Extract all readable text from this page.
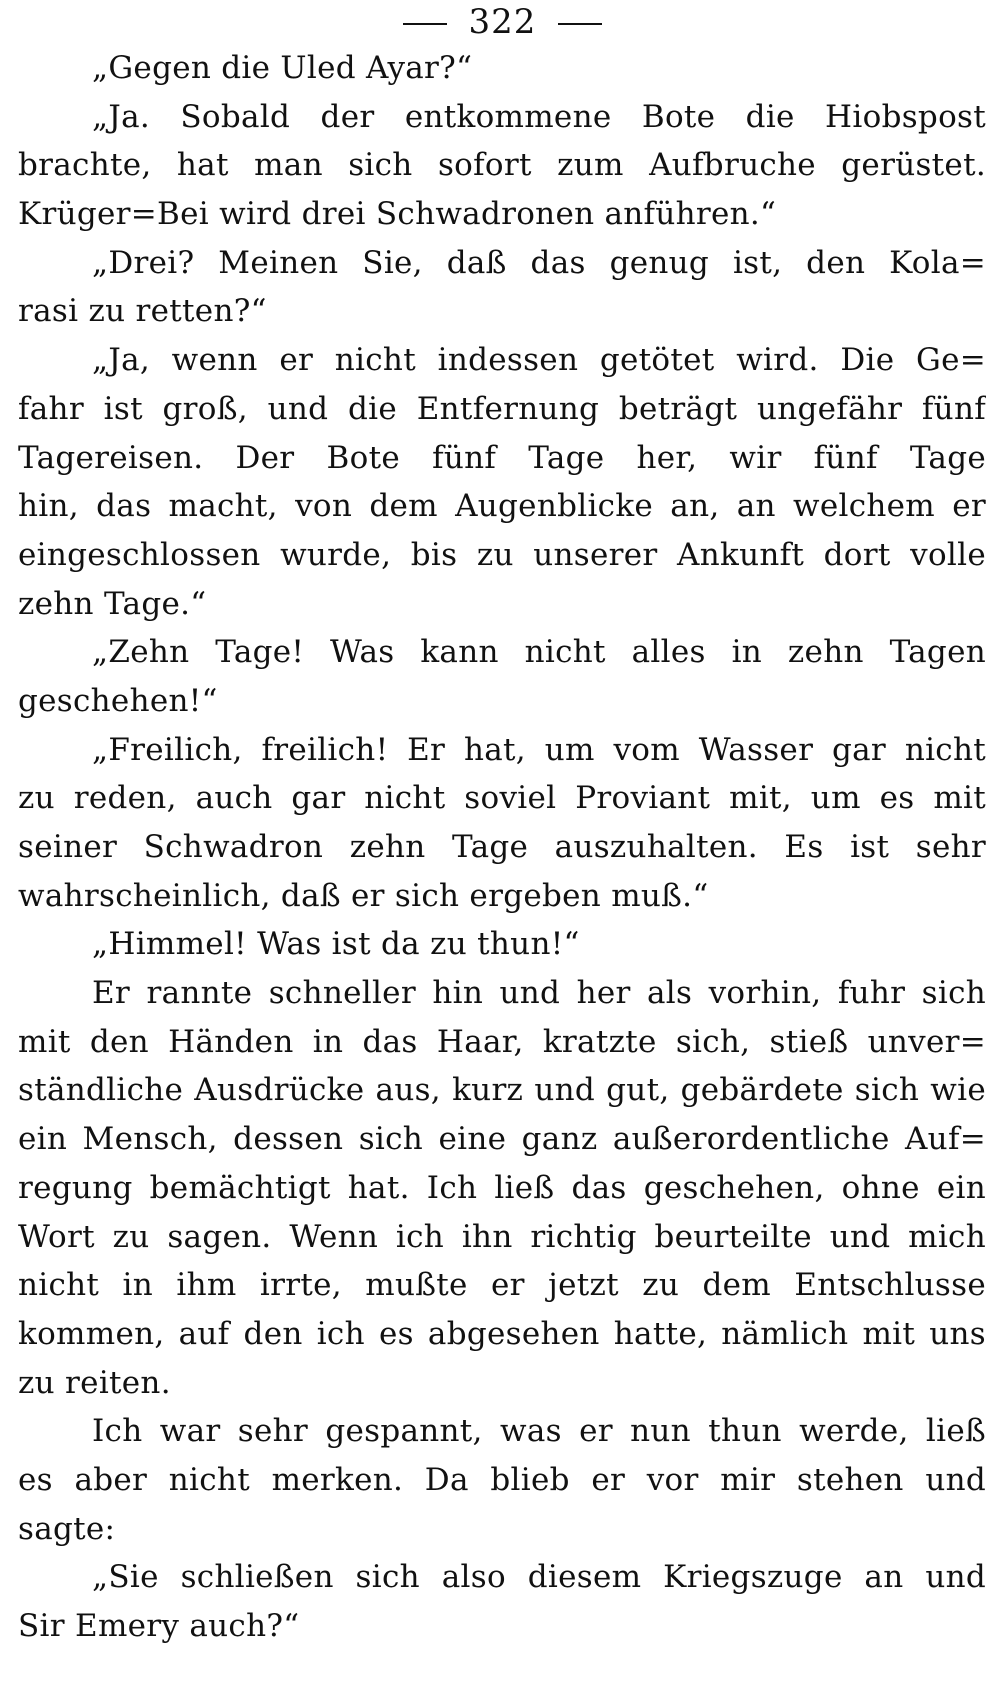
322
„Gegen die Uled Ayar?“
„Ja. Sobald der entkommene Bote die Hiobspost
brachte, hat man sich sofort zum Aufbruche gerüstet.
Krüger=Bei wird drei Schwadronen anführen.“
„Drei? Meinen Sie, daß das genug ist, den Kola=
rasi zu retten?“
„Ja, wenn er nicht indessen getötet wird. Die Ge=
fahr ist groß, und die Entfernung beträgt ungefähr fünf
Tagereisen. Der Bote fünf Tage her, wir fünf Tage
hin, das macht, von dem Augenblicke an, an welchem er
eingeschlossen wurde, bis zu unserer Ankunft dort volle
zehn Tage.“
„Zehn Tage! Was kann nicht alles in zehn Tagen
geschehen!“
„Freilich, freilich! Er hat, um vom Wasser gar nicht
zu reden, auch gar nicht soviel Proviant mit, um es mit
seiner Schwadron zehn Tage auszuhalten. Es ist sehr
wahrscheinlich, daß er sich ergeben muß.“
„Himmel! Was ist da zu thun!“
Er rannte schneller hin und her als vorhin, fuhr sich
mit den Händen in das Haar, kratzte sich, stieß unver=
ständliche Ausdrücke aus, kurz und gut, gebärdete sich wie
ein Mensch, dessen sich eine ganz außerordentliche Auf=
regung bemächtigt hat. Ich ließ das geschehen, ohne ein
Wort zu sagen. Wenn ich ihn richtig beurteilte und mich
nicht in ihm irrte, mußte er jetzt zu dem Entschlusse
kommen, auf den ich es abgesehen hatte, nämlich mit uns
zu reiten.
Ich war sehr gespannt, was er nun thun werde, ließ
es aber nicht merken. Da blieb er vor mir stehen und
sagte:
„Sie schließen sich also diesem Kriegszuge an und
Sir Emery auch?“
